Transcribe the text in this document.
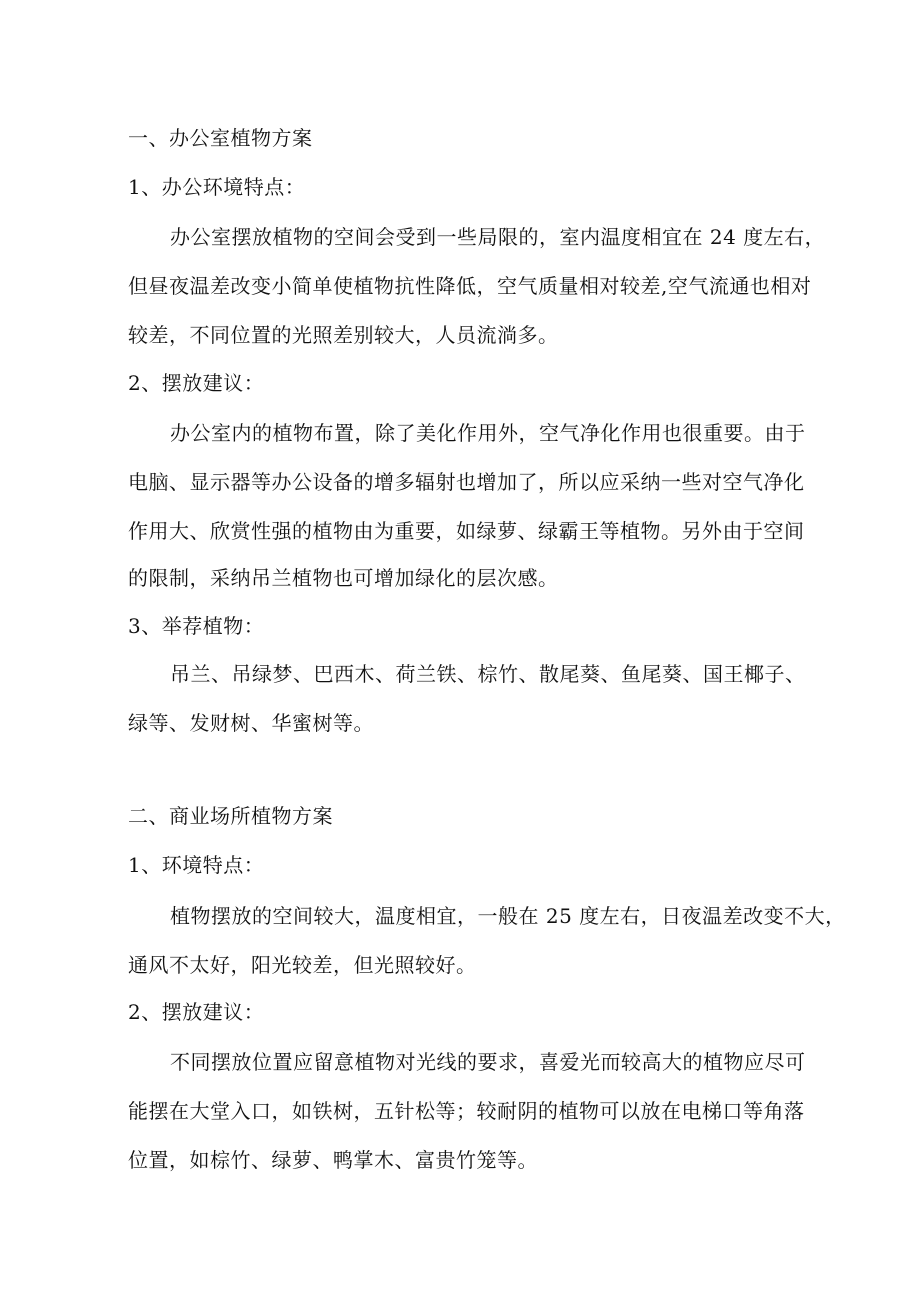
一、办公室植物方案
1、办公环境特点：
办公室摆放植物的空间会受到一些局限的，室内温度相宜在 24 度左右，
但昼夜温差改变小简单使植物抗性降低，空气质量相对较差,空气流通也相对
较差，不同位置的光照差别较大，人员流淌多。
2、摆放建议：
办公室内的植物布置，除了美化作用外，空气净化作用也很重要。由于
电脑、显示器等办公设备的增多辐射也增加了，所以应采纳一些对空气净化
作用大、欣赏性强的植物由为重要，如绿萝、绿霸王等植物。另外由于空间
的限制，采纳吊兰植物也可增加绿化的层次感。
3、举荐植物：
吊兰、吊绿梦、巴西木、荷兰铁、棕竹、散尾葵、鱼尾葵、国王椰子、
绿等、发财树、华蜜树等。
二、商业场所植物方案
1、环境特点：
植物摆放的空间较大，温度相宜，一般在 25 度左右，日夜温差改变不大，
通风不太好，阳光较差，但光照较好。
2、摆放建议：
不同摆放位置应留意植物对光线的要求，喜爱光而较高大的植物应尽可
能摆在大堂入口，如铁树，五针松等；较耐阴的植物可以放在电梯口等角落
位置，如棕竹、绿萝、鸭掌木、富贵竹笼等。
